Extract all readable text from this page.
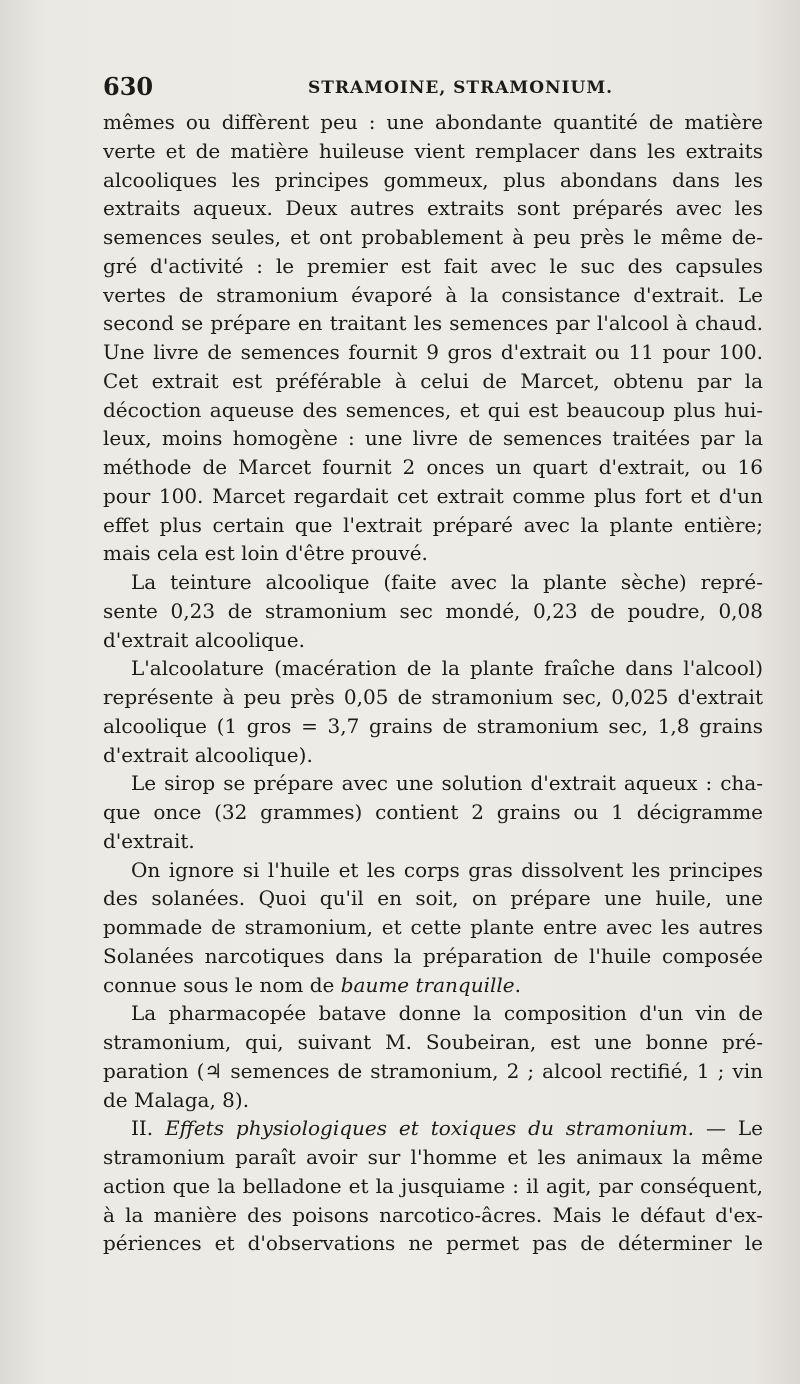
630	STRAMOINE, STRAMONIUM.
mêmes ou diffèrent peu : une abondante quantité de matière
verte et de matière huileuse vient remplacer dans les extraits
alcooliques les principes gommeux, plus abondans dans les
extraits aqueux. Deux autres extraits sont préparés avec les
semences seules, et ont probablement à peu près le même de-
gré d'activité : le premier est fait avec le suc des capsules
vertes de stramonium évaporé à la consistance d'extrait. Le
second se prépare en traitant les semences par l'alcool à chaud.
Une livre de semences fournit 9 gros d'extrait ou 11 pour 100.
Cet extrait est préférable à celui de Marcet, obtenu par la
décoction aqueuse des semences, et qui est beaucoup plus hui-
leux, moins homogène : une livre de semences traitées par la
méthode de Marcet fournit 2 onces un quart d'extrait, ou 16
pour 100. Marcet regardait cet extrait comme plus fort et d'un
effet plus certain que l'extrait préparé avec la plante entière;
mais cela est loin d'être prouvé.
La teinture alcoolique (faite avec la plante sèche) repré-
sente 0,23 de stramonium sec mondé, 0,23 de poudre, 0,08
d'extrait alcoolique.
L'alcoolature (macération de la plante fraîche dans l'alcool)
représente à peu près 0,05 de stramonium sec, 0,025 d'extrait
alcoolique (1 gros = 3,7 grains de stramonium sec, 1,8 grains
d'extrait alcoolique).
Le sirop se prépare avec une solution d'extrait aqueux : cha-
que once (32 grammes) contient 2 grains ou 1 décigramme
d'extrait.
On ignore si l'huile et les corps gras dissolvent les principes
des solanées. Quoi qu'il en soit, on prépare une huile, une
pommade de stramonium, et cette plante entre avec les autres
Solanées narcotiques dans la préparation de l'huile composée
connue sous le nom de baume tranquille.
La pharmacopée batave donne la composition d'un vin de
stramonium, qui, suivant M. Soubeiran, est une bonne pré-
paration (♃ semences de stramonium, 2 ; alcool rectifié, 1 ; vin
de Malaga, 8).
II. Effets physiologiques et toxiques du stramonium. — Le
stramonium paraît avoir sur l'homme et les animaux la même
action que la belladone et la jusquiame : il agit, par conséquent,
à la manière des poisons narcotico-âcres. Mais le défaut d'ex-
périences et d'observations ne permet pas de déterminer le
